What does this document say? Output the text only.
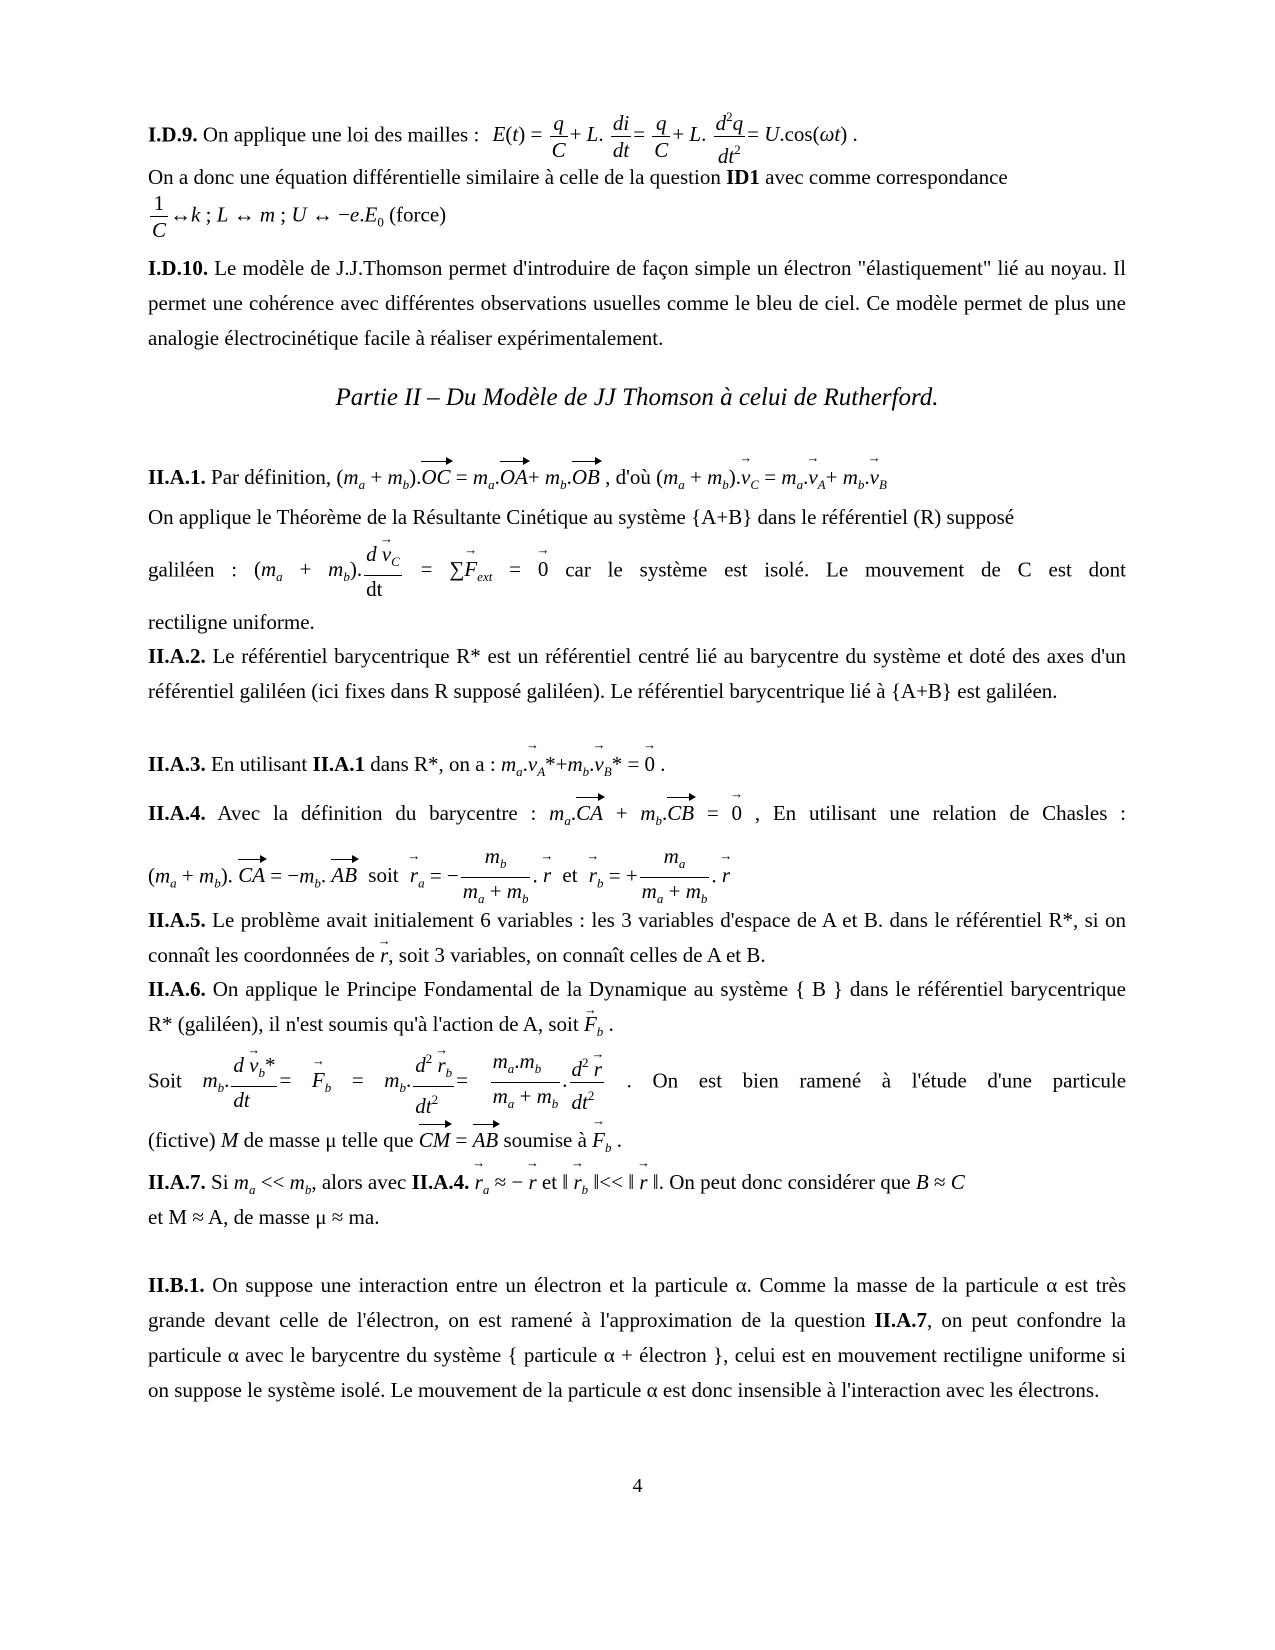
I.D.9. On applique une loi des mailles : $E(t) = \frac{q}{C} + L$. $\frac{di}{dt} = \frac{q}{C} + L$. $\frac{d^2q}{dt^2} = U.\cos(\omega t)$ .
On a donc une équation différentielle similaire à celle de la question ID1 avec comme correspondance
$\frac{1}{C}$ ↔k ; L ↔ m ; U ↔ $-e.E_0$ (force)
I.D.10. Le modèle de J.J.Thomson permet d'introduire de façon simple un électron "élastiquement" lié au noyau. Il permet une cohérence avec différentes observations usuelles comme le bleu de ciel. Ce modèle permet de plus une analogie électrocinétique facile à réaliser expérimentalement.
Partie II – Du Modèle de JJ Thomson à celui de Rutherford.
II.A.1. Par définition, $(m_a + m_b).OC = m_a.OA+ m_b.OB$ , d'où $(m_a + m_b).\to v_C = m_a.\to v_A+ m_b.\to v_B$
On applique le Théorème de la Résultante Cinétique au système {A+B} dans le référentiel (R) supposé
galiléen : $(m_a + m_b)$. $\frac{d \to v_C}{dt}$ = ∑→ $F_{ext}$ = → 0 car le système est isolé. Le mouvement de C est dont
rectiligne uniforme.
II.A.2. Le référentiel barycentrique R* est un référentiel centré lié au barycentre du système et doté des axes d'un référentiel galiléen (ici fixes dans R supposé galiléen). Le référentiel barycentrique lié à {A+B} est galiléen.
II.A.3. En utilisant II.A.1 dans R*, on a : $m_a.\to v_A*+m_b.\to v_B*$ = → 0 .
II.A.4. Avec la définition du barycentre : $m_a.CA + m_b.CB$ = → 0 , En utilisant une relation de Chasles :
$(m_a + m_b)$. CA = $-m_b$. AB soit → $r_a$ = − $\frac{m_b}{m_a + m_b}$ . → r et → $r_b$ = + $\frac{m_a}{m_a + m_b}$ . → r
II.A.5. Le problème avait initialement 6 variables : les 3 variables d'espace de A et B. dans le référentiel R*, si on connaît les coordonnées de → r, soit 3 variables, on connaît celles de A et B.
II.A.6. On applique le Principe Fondamental de la Dynamique au système { B } dans le référentiel barycentrique R* (galiléen), il n'est soumis qu'à l'action de A, soit → $F_b$ .
Soit $m_b$. $\frac{d \to v_b*}{dt}$ = → $F_b = m_b$. $\frac{d^2 \to r_b}{dt^2} = \frac{m_a.m_b}{m_a + m_b}$ . $\frac{d^2 \to r}{dt^2}$ . On est bien ramené à l'étude d'une particule
(fictive) M de masse μ telle que CM = AB soumise à → $F_b$ .
II.A.7. Si $m_a << m_b$, alors avec II.A.4. → $r_a$ ≈ − → r et ǁ → $r_b$ ǁ<< ǁ → r ǁ. On peut donc considérer que B ≈ C
et M ≈ A, de masse μ ≈ ma.
II.B.1. On suppose une interaction entre un électron et la particule α. Comme la masse de la particule α est très grande devant celle de l'électron, on est ramené à l'approximation de la question II.A.7, on peut confondre la particule α avec le barycentre du système { particule α + électron }, celui est en mouvement rectiligne uniforme si on suppose le système isolé. Le mouvement de la particule α est donc insensible à l'interaction avec les électrons.
4
